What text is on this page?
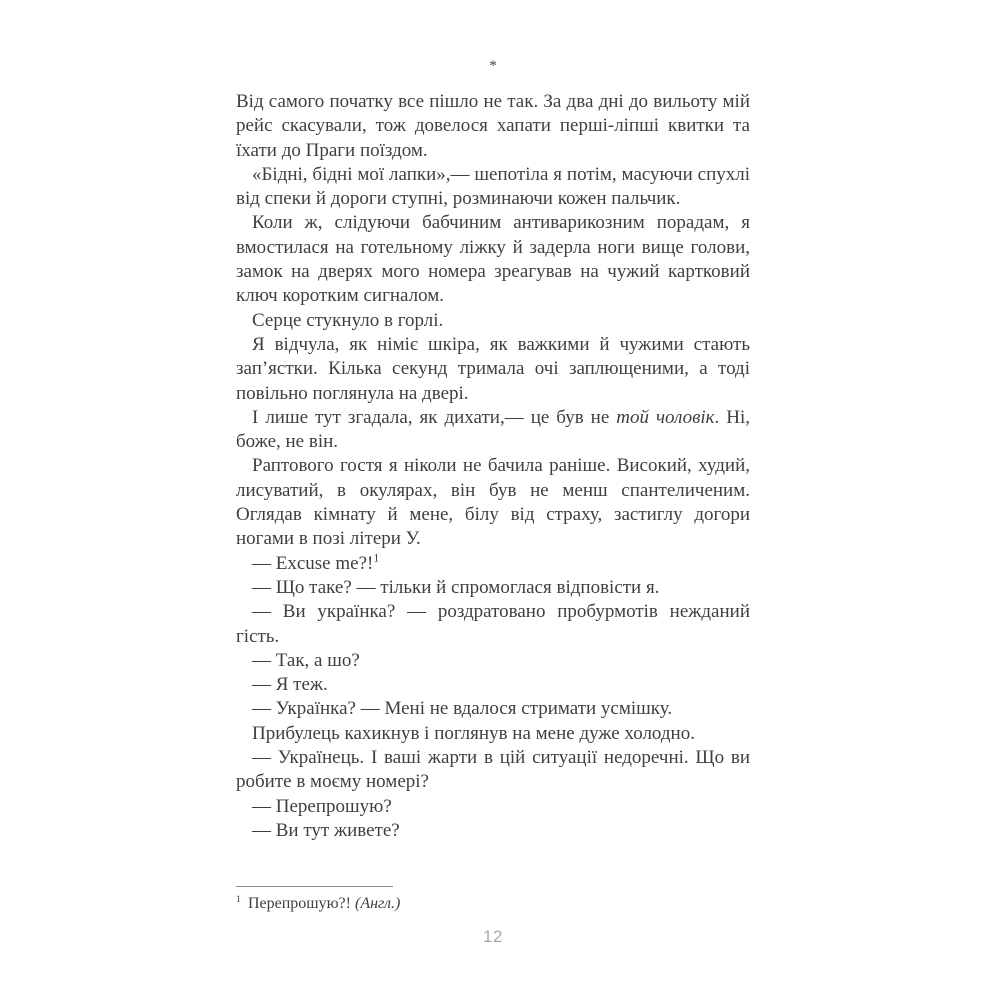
*

Від самого початку все пішло не так. За два дні до вильоту мій рейс скасували, тож довелося хапати перші-ліпші квитки та їхати до Праги поїздом.

«Бідні, бідні мої лапки»,— шепотіла я потім, масуючи спухлі від спеки й дороги ступні, розминаючи кожен пальчик.

Коли ж, слідуючи бабчиним антиварикозним порадам, я вмостилася на готельному ліжку й задерла ноги вище голови, замок на дверях мого номера зреагував на чужий картковий ключ коротким сигналом.

Серце стукнуло в горлі.

Я відчула, як німіє шкіра, як важкими й чужими стають зап’ястки. Кілька секунд тримала очі заплющеними, а тоді повільно поглянула на двері.

І лише тут згадала, як дихати,— це був не той чоловік. Ні, боже, не він.

Раптового гостя я ніколи не бачила раніше. Високий, худий, лисуватий, в окулярах, він був не менш спантеличеним. Оглядав кімнату й мене, білу від страху, застиглу догори ногами в позі літери У.

— Excuse me?!$^1$

— Що таке? — тільки й спромоглася відповісти я.

— Ви українка? — роздратовано пробурмотів нежданий гість.

— Так, а шо?

— Я теж.

— Українка? — Мені не вдалося стримати усмішку.

Прибулець кахикнув і поглянув на мене дуже холодно.

— Українець. І ваші жарти в цій ситуації недоречні. Що ви робите в моєму номері?

— Перепрошую?

— Ви тут живете?

$^1$ Перепрошую?! (Англ.)
12
